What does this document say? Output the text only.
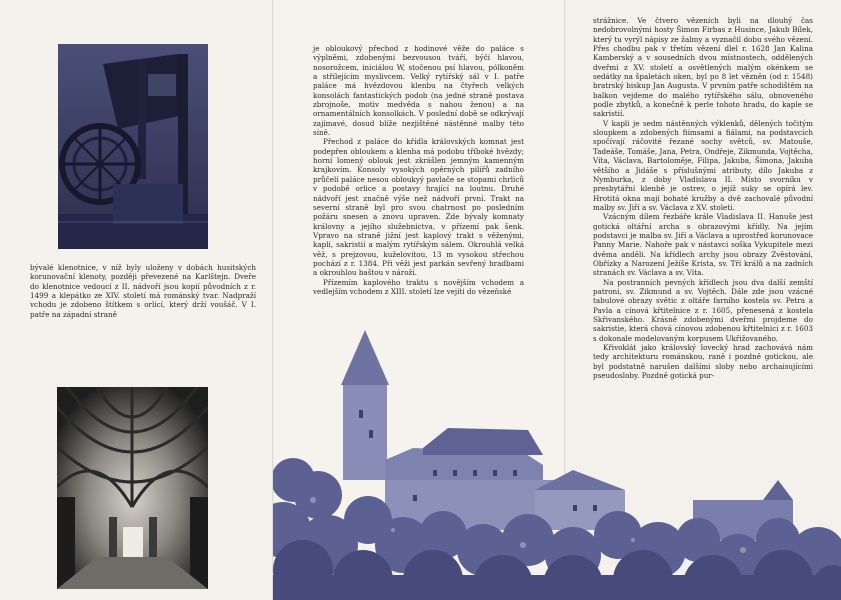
bývalé klenotnice, v níž byly uloženy v dobách husitských korunovační klenoty, později převezené na Karlštejn. Dveře do klenotnice vedoucí z II. nádvoří jsou kopií původních z r. 1499 a klepátko ze XIV. století má románský tvar. Nadpraží vchodu je zdobeno štítkem s orlicí, který drží voušáč. V I. patře na západní straně

je obloukový přechod z hodinové věže do paláce s výplněmi, zdobenými bezvousou tváří, býčí hlavou, nosorožcem, iniciálou W, stočenou psí hlavou, pólkoněm a střílejícím myslivcem. Velký rytířský sál v I. patře paláce má hvězdovou klenbu na čtyřech velkých konsolách fantastických podob (na jedné straně postava zbrojnoše, motiv medvěda s nahou ženou) a na ornamentálních konsolkách. V poslední době se odkrývají zajímavé, dosud blíže nezjištěné nástěnné malby této síně.

Přechod z paláce do křídla královských komnat jest podepřen obloukem a klenba má podobu tříboké hvězdy; horní lomený oblouk jest zkrášlen jemným kamenným krajkovím. Konsoly vysokých opěrných pilířů zadního průčelí paláce nesou obloukyý pavlače se stopami chrliců v podobě orlice a postavy hrající na loutnu. Druhé nádvoří jest značně výše než nádvoří první. Trakt na severní straně byl pro svou chatrnost po posledním požáru snesen a znovu upraven. Zde bývaly komnaty královny a jejího služebnictva, v přízemí pak šenk. Vpravo na straně jižní jest kaplový trakt s věženými, kaplí, sakristií a malým rytířským sálem. Okrouhlá velká věž, s prejzovou, kuželovitou, 13 m vysokou střechou pochází z r. 1384. Při věži jest parkán sevřený hradbami a okrouhlou baštou v nároží.

Přízemím kaplového traktu s novějším vchodem a vedlejším vchodem z XIII. století lze vejíti do vězeňské

strážnice. Ve čtvero vězeních byli na dlouhý čas nedobrovolnými hosty Šimon Firbas z Husince, Jakub Bílek, který tu vyrýl nápisy ze žalmy a vyznačil dobu svého vězení. Přes chodbu pak v třetím vězení dlel r. 1628 Jan Kalina Kamberský a v sousedních dvou místnostech, oddělených dveřmi z XV. století a osvětlených malým okénkem se sedátky na špaletách oken, byl po 8 let vězněn (od r. 1548) bratrský biskup Jan Augusta. V prvním patře schodištěm na balkon vejdeme do malého rytířského sálu, obnoveného podle zbytků, a konečně k perle tohoto hradu, do kaple se sakristií.

V kapli je sedm nástěnných výklenků, dělených točitým sloupkem a zdobených fiímsami a fiálami, na podstavcích spočívají ráčovité řezané sochy světců, sv. Matouše, Tadeáše, Tomáše, Jana, Petra, Ondřeje, Zikmunda, Vojtěcha, Víta, Václava, Bartoloměje, Filipa, Jakuba, Šimona, Jakuba většího a Jidáše s příslušnými atributy, dílo Jakuba z Nymburka, z doby Vladislava II. Místo svorníku v presbytářní klenbě je ostrev, o jejíž suky se opírá lev. Hrotitá okna mají bohaté kružby a dvě zachovalé původní malby sv. Jiří a sv. Václava z XV. století.

Vzácným dílem řezbáře krále Vladislava II. Hanuše jest gotická oltářní archa s obrazovými křídly. Na jejím podstavci je malba sv. Jiří a Václava a uprostřed korunovace Panny Marie. Nahoře pak v nástavci soška Vykupitele mezi dvěma anděli. Na křídlech archy jsou obrazy Zvěstování, Obřízky a Narození Ježíše Krista, sv. Tří králů a na zadních stranách sv. Václava a sv. Víta.

Na postranních pevných křídlech jsou dva další zemští patroni, sv. Zikmund a sv. Vojtěch. Dále zde jsou vzácné tabulové obrazy světic z oltáře farního kostela sv. Petra a Pavla a cínová křtitelnice z r. 1605, přenesená z kostela Skřivanského. Krásně zdobenými dveřmi projdeme do sakristie, která chová cínovou zdobenou křtitelnici z r. 1603 s dokonale modelovaným korpusem Ukřižovaného.

Křivoklát jako královský lovecký hrad zachovává nám tedy architekturu románskou, raně i pozdně gotickou, ale byl podstatně narušen dalšími sloby nebo archaisujícími pseudosloby. Pozdně gotická pur-
